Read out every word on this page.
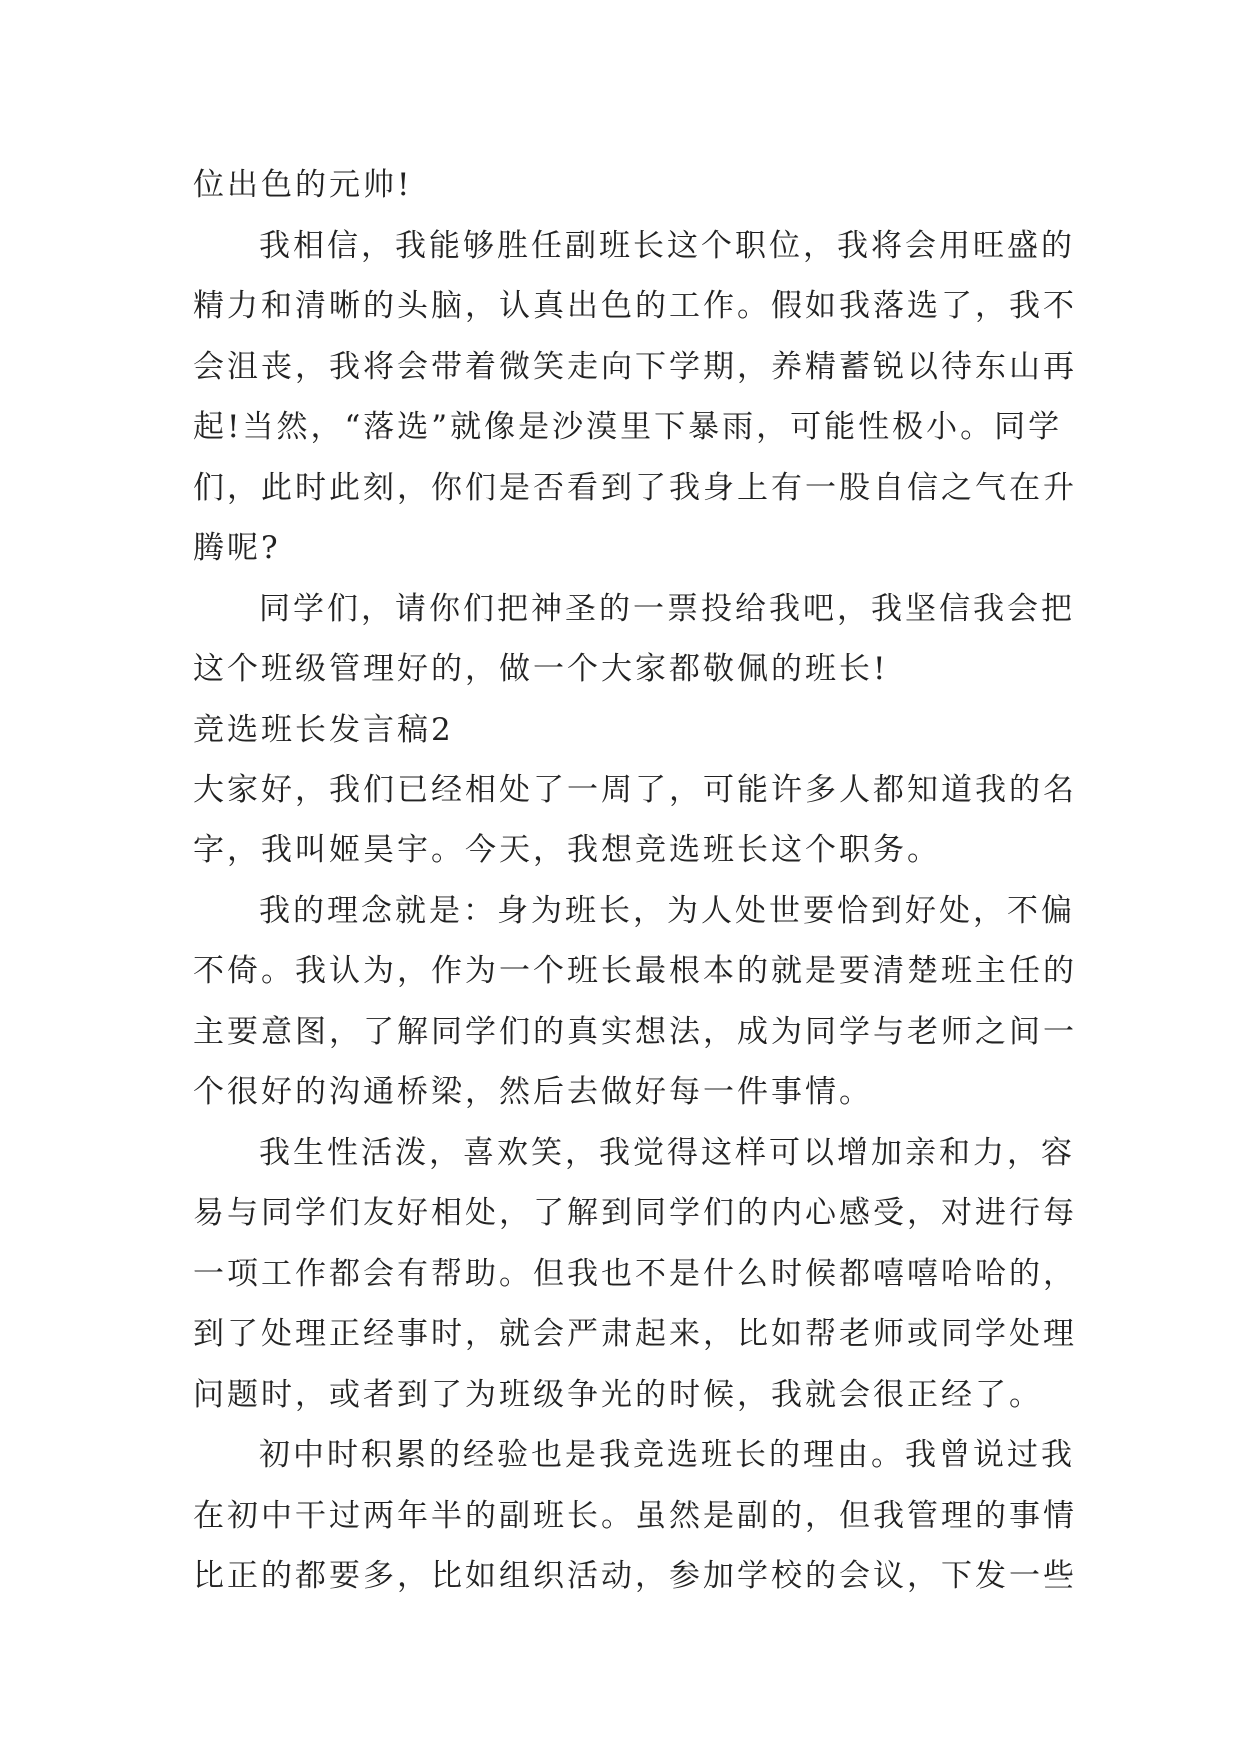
位出色的元帅!
我相信，我能够胜任副班长这个职位，我将会用旺盛的
精力和清晰的头脑，认真出色的工作。假如我落选了，我不
会沮丧，我将会带着微笑走向下学期，养精蓄锐以待东山再
起!当然，“落选”就像是沙漠里下暴雨，可能性极小。同学
们，此时此刻，你们是否看到了我身上有一股自信之气在升
腾呢?
同学们，请你们把神圣的一票投给我吧，我坚信我会把
这个班级管理好的，做一个大家都敬佩的班长!
竞选班长发言稿2
大家好，我们已经相处了一周了，可能许多人都知道我的名
字，我叫姬昊宇。今天，我想竞选班长这个职务。
我的理念就是：身为班长，为人处世要恰到好处，不偏
不倚。我认为，作为一个班长最根本的就是要清楚班主任的
主要意图，了解同学们的真实想法，成为同学与老师之间一
个很好的沟通桥梁，然后去做好每一件事情。
我生性活泼，喜欢笑，我觉得这样可以增加亲和力，容
易与同学们友好相处，了解到同学们的内心感受，对进行每
一项工作都会有帮助。但我也不是什么时候都嘻嘻哈哈的，
到了处理正经事时，就会严肃起来，比如帮老师或同学处理
问题时，或者到了为班级争光的时候，我就会很正经了。
初中时积累的经验也是我竞选班长的理由。我曾说过我
在初中干过两年半的副班长。虽然是副的，但我管理的事情
比正的都要多，比如组织活动，参加学校的会议，下发一些
